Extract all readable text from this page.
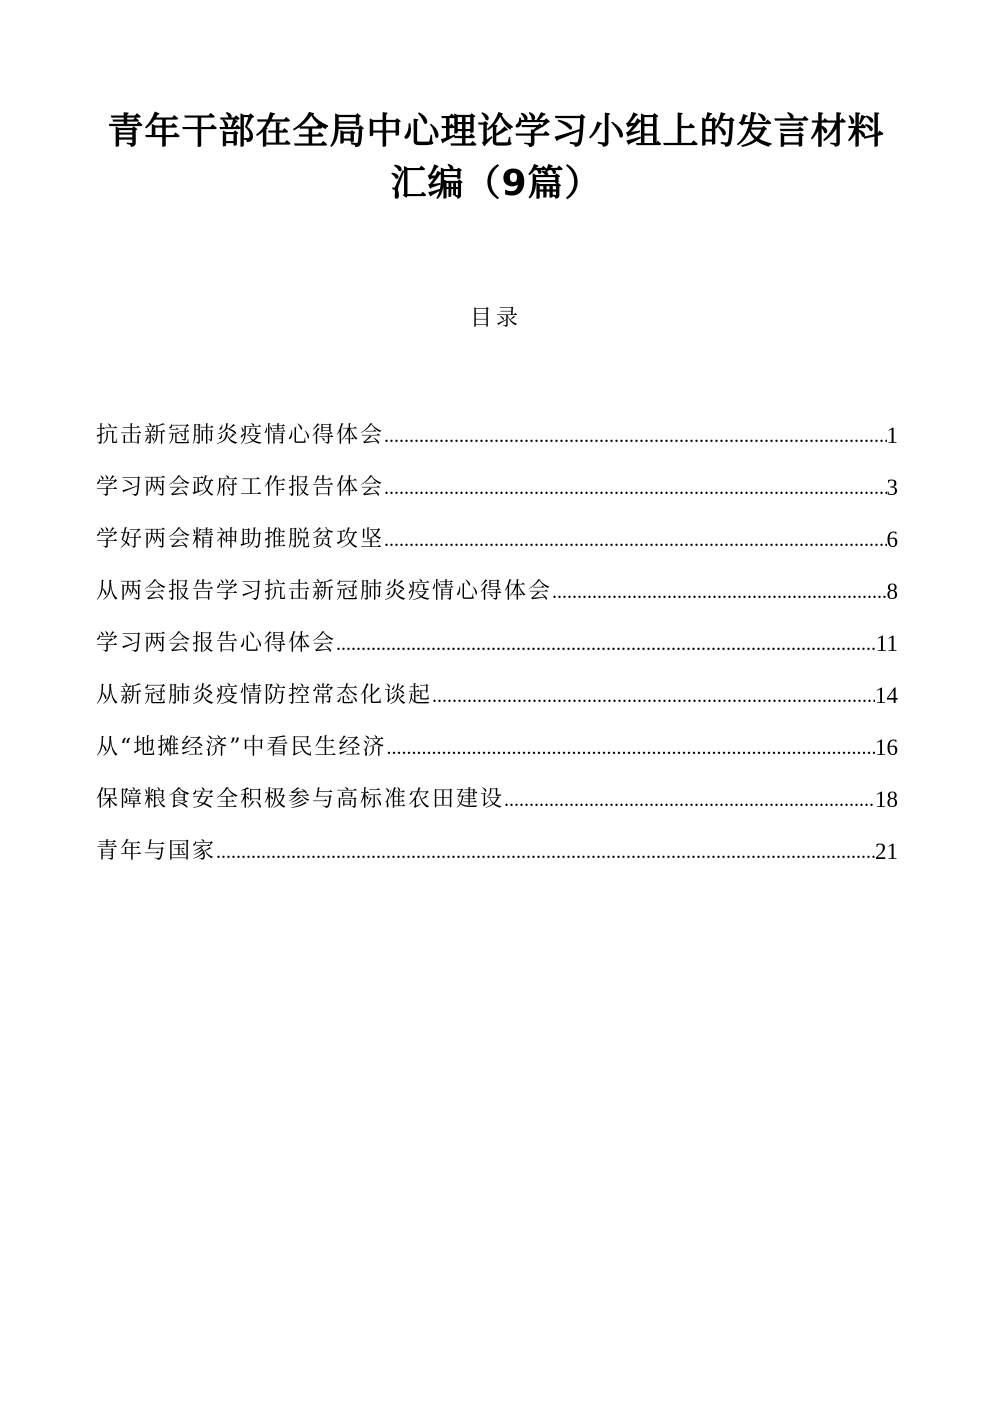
青年干部在全局中心理论学习小组上的发言材料
汇编（9篇）
目录
抗击新冠肺炎疫情心得体会 .....	1
学习两会政府工作报告体会 .....	3
学好两会精神助推脱贫攻坚 .....	6
从两会报告学习抗击新冠肺炎疫情心得体会 .....	8
学习两会报告心得体会 .....	11
从新冠肺炎疫情防控常态化谈起 .....	14
从“地摊经济”中看民生经济 .....	16
保障粮食安全积极参与高标准农田建设 .....	18
青年与国家 .....	21
